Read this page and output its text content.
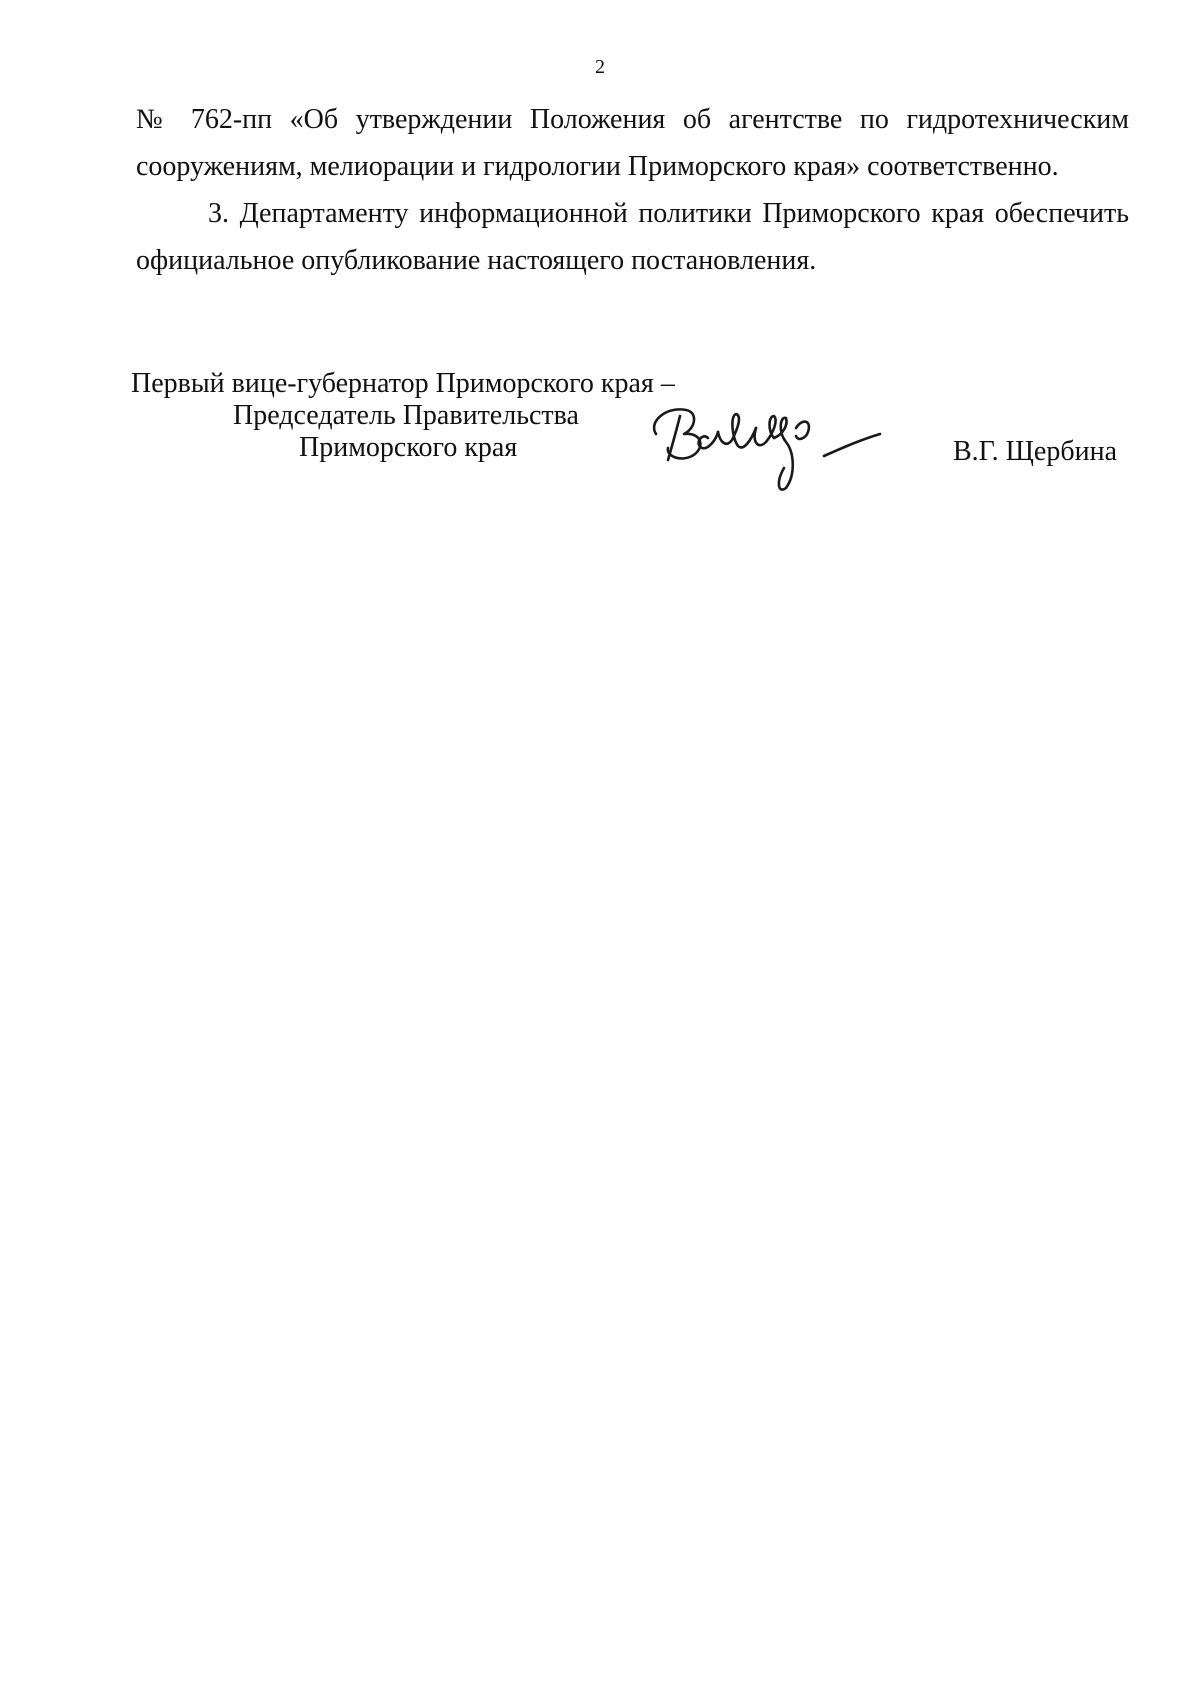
2

№ 762-пп «Об утверждении Положения об агентстве по гидротехническим сооружениям, мелиорации и гидрологии Приморского края» соответственно.

3. Департаменту информационной политики Приморского края обеспечить официальное опубликование настоящего постановления.

Первый вице-губернатор Приморского края –
Председатель Правительства
Приморского края	В.Г. Щербина
